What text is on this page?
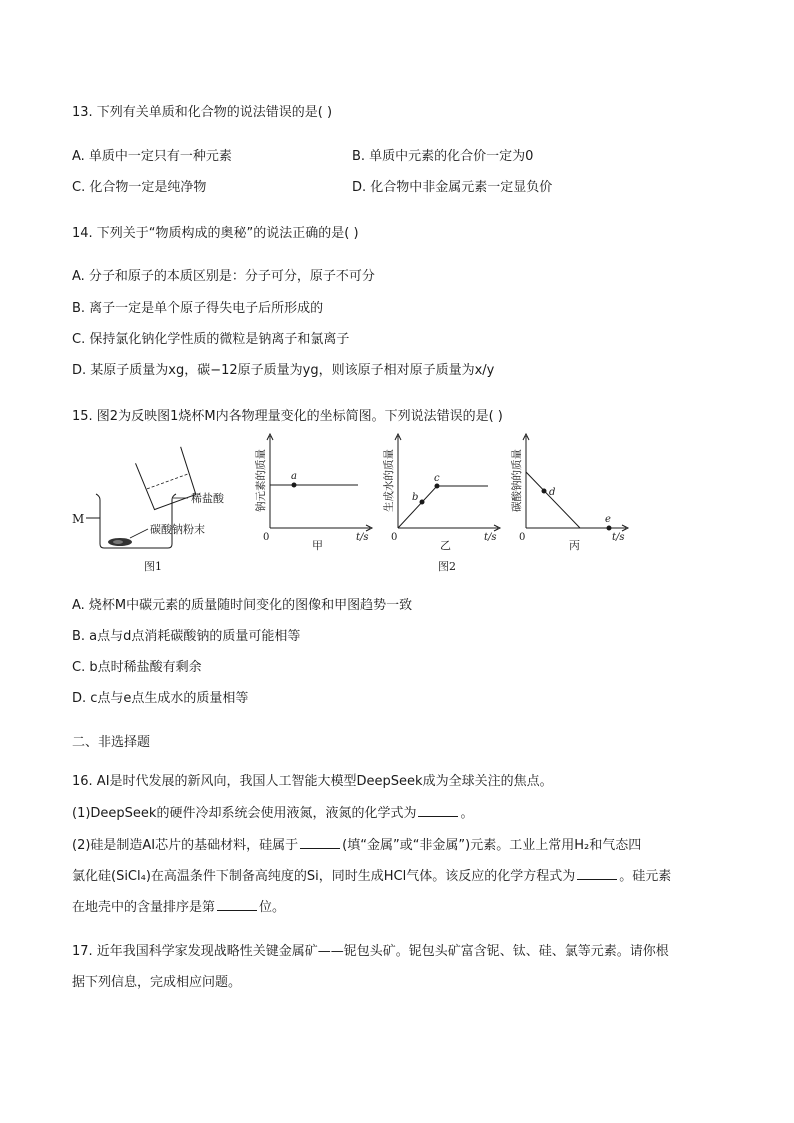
13. 下列有关单质和化合物的说法错误的是( )
A. 单质中一定只有一种元素	B. 单质中元素的化合价一定为0
C. 化合物一定是纯净物	D. 化合物中非金属元素一定显负价
14. 下列关于“物质构成的奥秘”的说法正确的是( )
A. 分子和原子的本质区别是：分子可分，原子不可分
B. 离子一定是单个原子得失电子后所形成的
C. 保持氯化钠化学性质的微粒是钠离子和氯离子
D. 某原子质量为xg，碳−12原子质量为yg，则该原子相对原子质量为x/y
15. 图2为反映图1烧杯M内各物理量变化的坐标简图。下列说法错误的是( )
M
碳酸钠粉末
稀盐酸
图1
a
钠元素的质量
0	t/s
甲
b
c
生成水的质量
0	t/s
乙
图2
d
e
碳酸钠的质量
0	t/s
丙
A. 烧杯M中碳元素的质量随时间变化的图像和甲图趋势一致
B. a点与d点消耗碳酸钠的质量可能相等
C. b点时稀盐酸有剩余
D. c点与e点生成水的质量相等
二、非选择题
16. AI是时代发展的新风向，我国人工智能大模型DeepSeek成为全球关注的焦点。
(1)DeepSeek的硬件冷却系统会使用液氮，液氮的化学式为	。
(2)硅是制造AI芯片的基础材料，硅属于	(填“金属”或“非金属”)元素。工业上常用H₂和气态四
氯化硅(SiCl₄)在高温条件下制备高纯度的Si，同时生成HCl气体。该反应的化学方程式为	。硅元素
在地壳中的含量排序是第	位。
17. 近年我国科学家发现战略性关键金属矿——铌包头矿。铌包头矿富含铌、钛、硅、氯等元素。请你根
据下列信息，完成相应问题。
